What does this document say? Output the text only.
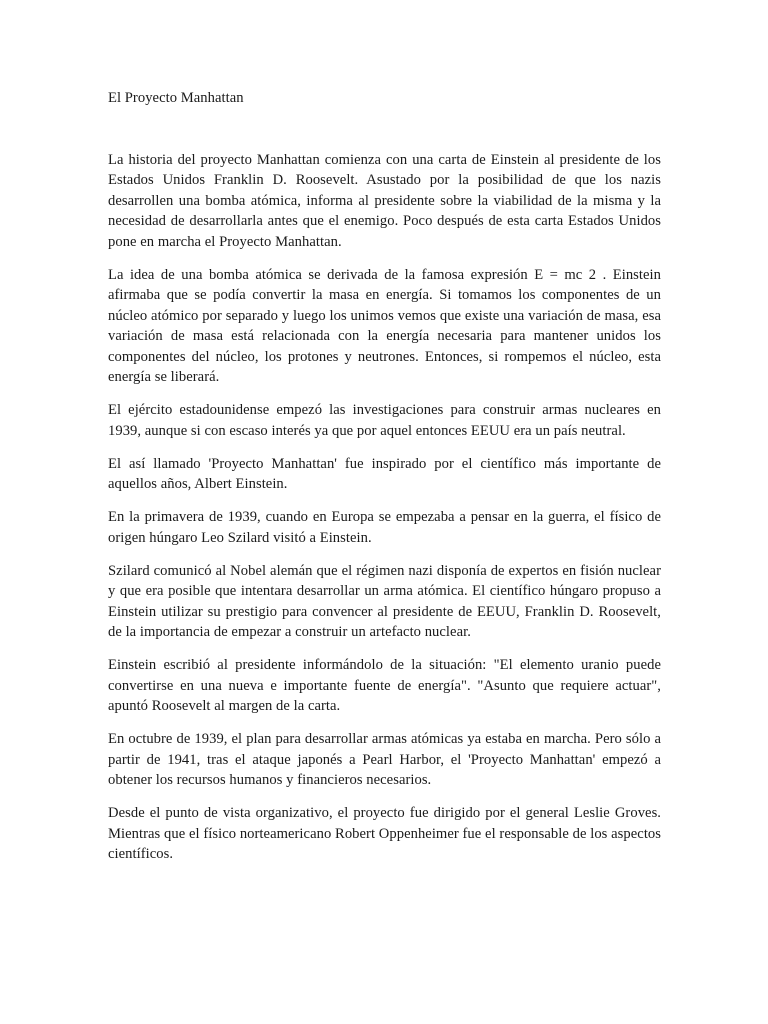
El Proyecto Manhattan

La historia del proyecto Manhattan comienza con una carta de Einstein al presidente de los Estados Unidos Franklin D. Roosevelt. Asustado por la posibilidad de que los nazis desarrollen una bomba atómica, informa al presidente sobre la viabilidad de la misma y la necesidad de desarrollarla antes que el enemigo. Poco después de esta carta Estados Unidos pone en marcha el Proyecto Manhattan.

La idea de una bomba atómica se derivada de la famosa expresión E = mc 2 . Einstein afirmaba que se podía convertir la masa en energía. Si tomamos los componentes de un núcleo atómico por separado y luego los unimos vemos que existe una variación de masa, esa variación de masa está relacionada con la energía necesaria para mantener unidos los componentes del núcleo, los protones y neutrones. Entonces, si rompemos el núcleo, esta energía se liberará.

El ejército estadounidense empezó las investigaciones para construir armas nucleares en 1939, aunque si con escaso interés ya que por aquel entonces EEUU era un país neutral.

El así llamado 'Proyecto Manhattan' fue inspirado por el científico más importante de aquellos años, Albert Einstein.

En la primavera de 1939, cuando en Europa se empezaba a pensar en la guerra, el físico de origen húngaro Leo Szilard visitó a Einstein.

Szilard comunicó al Nobel alemán que el régimen nazi disponía de expertos en fisión nuclear y que era posible que intentara desarrollar un arma atómica. El científico húngaro propuso a Einstein utilizar su prestigio para convencer al presidente de EEUU, Franklin D. Roosevelt, de la importancia de empezar a construir un artefacto nuclear.

Einstein escribió al presidente informándolo de la situación: "El elemento uranio puede convertirse en una nueva e importante fuente de energía". "Asunto que requiere actuar", apuntó Roosevelt al margen de la carta.

En octubre de 1939, el plan para desarrollar armas atómicas ya estaba en marcha. Pero sólo a partir de 1941, tras el ataque japonés a Pearl Harbor, el 'Proyecto Manhattan' empezó a obtener los recursos humanos y financieros necesarios.

Desde el punto de vista organizativo, el proyecto fue dirigido por el general Leslie Groves. Mientras que el físico norteamericano Robert Oppenheimer fue el responsable de los aspectos científicos.
